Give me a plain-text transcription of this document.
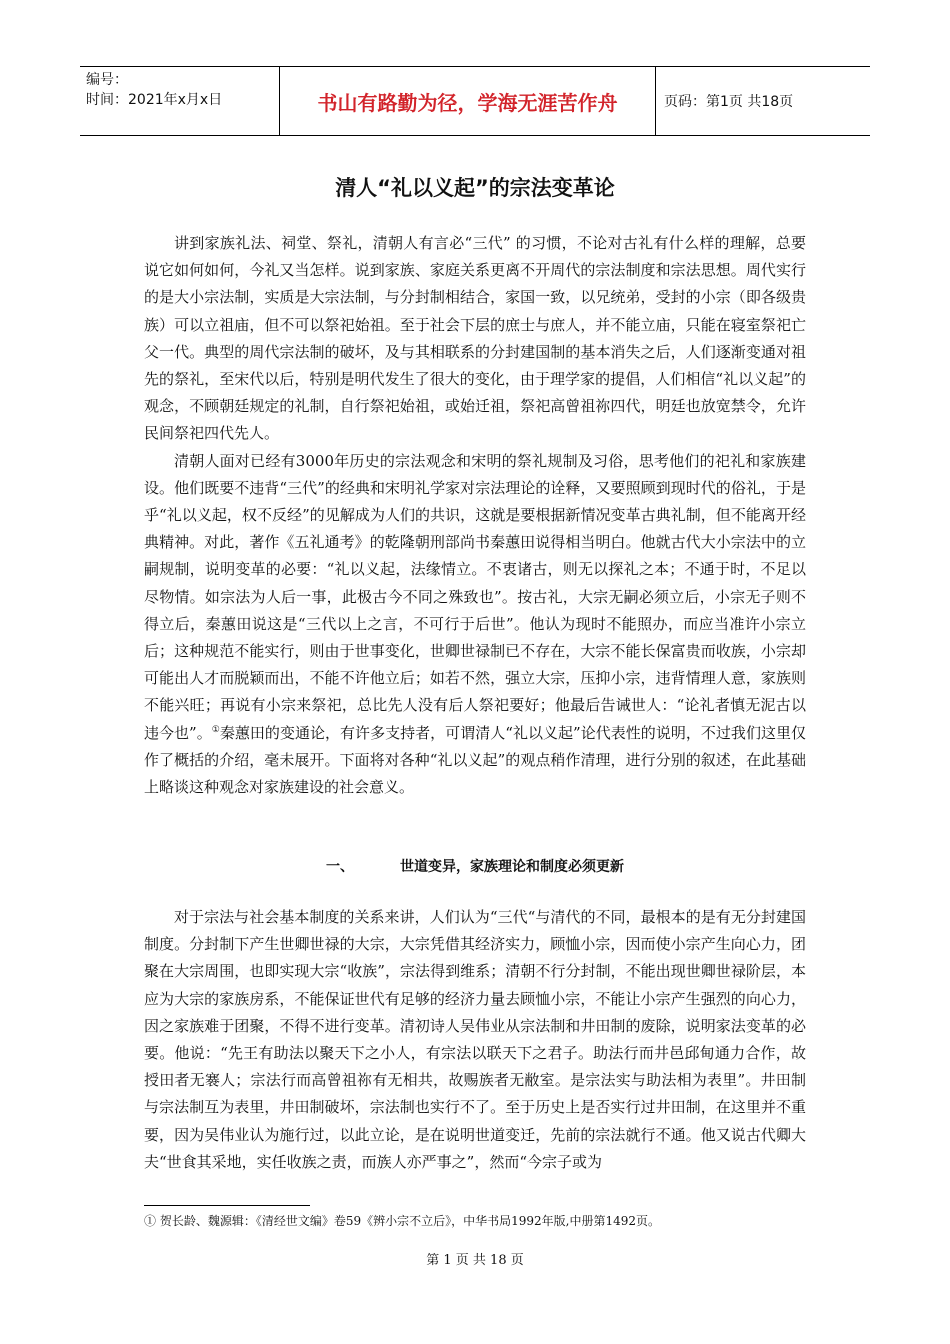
编号：
时间：2021年x月x日	书山有路勤为径，学海无涯苦作舟	页码：第1页 共18页
清人“礼以义起”的宗法变革论

讲到家族礼法、祠堂、祭礼，清朝人有言必“三代” 的习惯，不论对古礼有什么样的理解，总要说它如何如何，今礼又当怎样。说到家族、家庭关系更离不开周代的宗法制度和宗法思想。周代实行的是大小宗法制，实质是大宗法制，与分封制相结合，家国一致，以兄统弟，受封的小宗（即各级贵族）可以立祖庙，但不可以祭祀始祖。至于社会下层的庶士与庶人，并不能立庙，只能在寝室祭祀亡父一代。典型的周代宗法制的破坏，及与其相联系的分封建国制的基本消失之后，人们逐渐变通对祖先的祭礼，至宋代以后，特别是明代发生了很大的变化，由于理学家的提倡，人们相信“礼以义起”的观念，不顾朝廷规定的礼制，自行祭祀始祖，或始迁祖，祭祀高曾祖祢四代，明廷也放宽禁令，允许民间祭祀四代先人。

清朝人面对已经有3000年历史的宗法观念和宋明的祭礼规制及习俗，思考他们的祀礼和家族建设。他们既要不违背“三代”的经典和宋明礼学家对宗法理论的诠释，又要照顾到现时代的俗礼，于是乎“礼以义起，权不反经”的见解成为人们的共识，这就是要根据新情况变革古典礼制，但不能离开经典精神。对此，著作《五礼通考》的乾隆朝刑部尚书秦蕙田说得相当明白。他就古代大小宗法中的立嗣规制，说明变革的必要：“礼以义起，法缘情立。不衷诸古，则无以探礼之本；不通于时，不足以尽物情。如宗法为人后一事，此极古今不同之殊致也”。按古礼，大宗无嗣必须立后，小宗无子则不得立后，秦蕙田说这是“三代以上之言，不可行于后世”。他认为现时不能照办，而应当准许小宗立后；这种规范不能实行，则由于世事变化，世卿世禄制已不存在，大宗不能长保富贵而收族，小宗却可能出人才而脱颖而出，不能不许他立后；如若不然，强立大宗，压抑小宗，违背情理人意，家族则不能兴旺；再说有小宗来祭祀，总比先人没有后人祭祀要好；他最后告诫世人：“论礼者慎无泥古以违今也”。①秦蕙田的变通论，有许多支持者，可谓清人“礼以义起”论代表性的说明，不过我们这里仅作了概括的介绍，毫未展开。下面将对各种“礼以义起”的观点稍作清理，进行分别的叙述，在此基础上略谈这种观念对家族建设的社会意义。

一、	世道变异，家族理论和制度必须更新

对于宗法与社会基本制度的关系来讲，人们认为“三代“与清代的不同，最根本的是有无分封建国制度。分封制下产生世卿世禄的大宗，大宗凭借其经济实力，顾恤小宗，因而使小宗产生向心力，团聚在大宗周围，也即实现大宗“收族”，宗法得到维系；清朝不行分封制，不能出现世卿世禄阶层，本应为大宗的家族房系，不能保证世代有足够的经济力量去顾恤小宗，不能让小宗产生强烈的向心力，因之家族难于团聚，不得不进行变革。清初诗人吴伟业从宗法制和井田制的废除，说明家法变革的必要。他说：“先王有助法以聚天下之小人，有宗法以联天下之君子。助法行而井邑邱甸通力合作，故授田者无褰人；宗法行而高曾祖祢有无相共，故赐族者无敝室。是宗法实与助法相为表里”。井田制与宗法制互为表里，井田制破坏，宗法制也实行不了。至于历史上是否实行过井田制，在这里并不重要，因为吴伟业认为施行过，以此立论，是在说明世道变迁，先前的宗法就行不通。他又说古代卿大夫“世食其采地，实任收族之责，而族人亦严事之”，然而“今宗子或为

① 贺长龄、魏源辑：《清经世文编》卷59《辨小宗不立后》，中华书局1992年版,中册第1492页。
第 1 页 共 18 页
